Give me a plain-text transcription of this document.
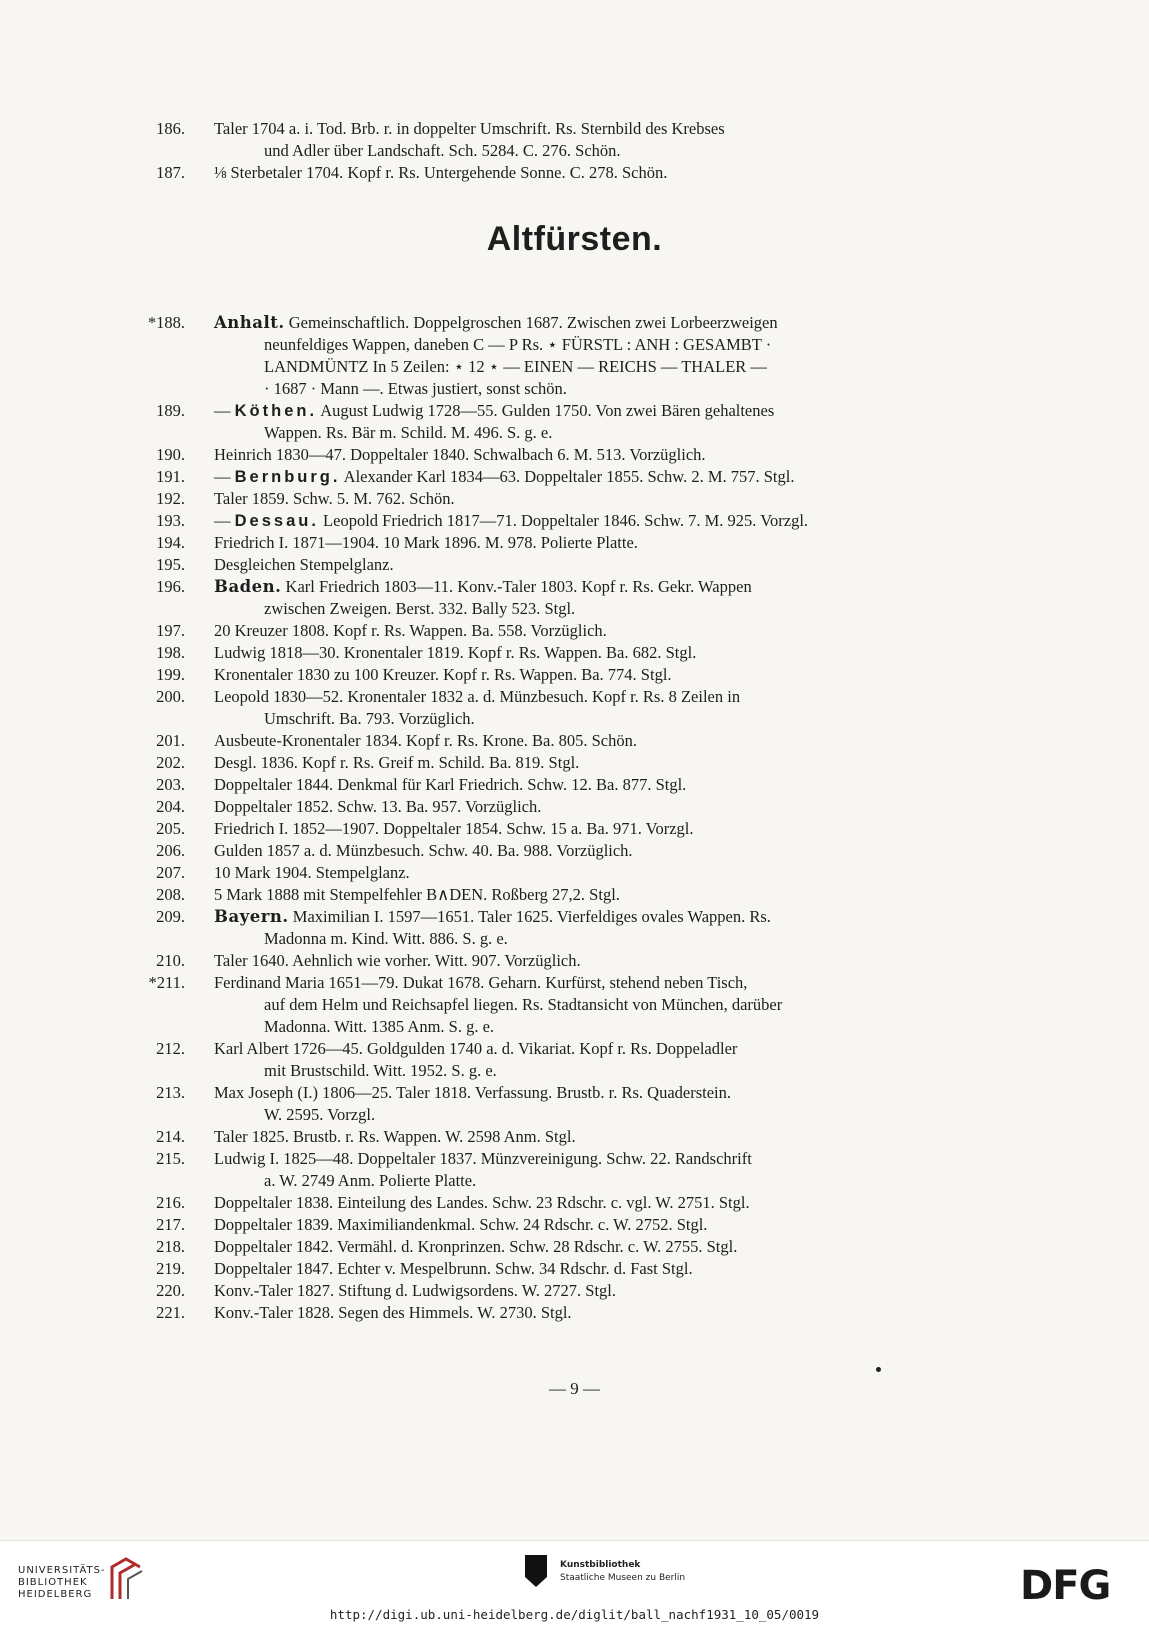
Altfürsten.
186. Taler 1704 a. i. Tod. Brb. r. in doppelter Umschrift. Rs. Sternbild des Krebses
und Adler über Landschaft. Sch. 5284. C. 276. Schön.
187. ⅛ Sterbetaler 1704. Kopf r. Rs. Untergehende Sonne. C. 278. Schön.
*188. Anhalt. Gemeinschaftlich. Doppelgroschen 1687. Zwischen zwei Lorbeerzweigen
neunfeldiges Wappen, daneben C — P Rs. ⋆ FÜRSTL : ANH : GESAMBT ·
LANDMÜNTZ In 5 Zeilen: ⋆ 12 ⋆ — EINEN — REICHS — THALER —
· 1687 · Mann —. Etwas justiert, sonst schön.
189. — Köthen. August Ludwig 1728—55. Gulden 1750. Von zwei Bären gehaltenes
Wappen. Rs. Bär m. Schild. M. 496. S. g. e.
190. Heinrich 1830—47. Doppeltaler 1840. Schwalbach 6. M. 513. Vorzüglich.
191. — Bernburg. Alexander Karl 1834—63. Doppeltaler 1855. Schw. 2. M. 757. Stgl.
192. Taler 1859. Schw. 5. M. 762. Schön.
193. — Dessau. Leopold Friedrich 1817—71. Doppeltaler 1846. Schw. 7. M. 925. Vorzgl.
194. Friedrich I. 1871—1904. 10 Mark 1896. M. 978. Polierte Platte.
195. Desgleichen Stempelglanz.
196. Baden. Karl Friedrich 1803—11. Konv.-Taler 1803. Kopf r. Rs. Gekr. Wappen
zwischen Zweigen. Berst. 332. Bally 523. Stgl.
197. 20 Kreuzer 1808. Kopf r. Rs. Wappen. Ba. 558. Vorzüglich.
198. Ludwig 1818—30. Kronentaler 1819. Kopf r. Rs. Wappen. Ba. 682. Stgl.
199. Kronentaler 1830 zu 100 Kreuzer. Kopf r. Rs. Wappen. Ba. 774. Stgl.
200. Leopold 1830—52. Kronentaler 1832 a. d. Münzbesuch. Kopf r. Rs. 8 Zeilen in
Umschrift. Ba. 793. Vorzüglich.
201. Ausbeute-Kronentaler 1834. Kopf r. Rs. Krone. Ba. 805. Schön.
202. Desgl. 1836. Kopf r. Rs. Greif m. Schild. Ba. 819. Stgl.
203. Doppeltaler 1844. Denkmal für Karl Friedrich. Schw. 12. Ba. 877. Stgl.
204. Doppeltaler 1852. Schw. 13. Ba. 957. Vorzüglich.
205. Friedrich I. 1852—1907. Doppeltaler 1854. Schw. 15 a. Ba. 971. Vorzgl.
206. Gulden 1857 a. d. Münzbesuch. Schw. 40. Ba. 988. Vorzüglich.
207. 10 Mark 1904. Stempelglanz.
208. 5 Mark 1888 mit Stempelfehler B∧DEN. Roßberg 27,2. Stgl.
209. Bayern. Maximilian I. 1597—1651. Taler 1625. Vierfeldiges ovales Wappen. Rs.
Madonna m. Kind. Witt. 886. S. g. e.
210. Taler 1640. Aehnlich wie vorher. Witt. 907. Vorzüglich.
*211. Ferdinand Maria 1651—79. Dukat 1678. Geharn. Kurfürst, stehend neben Tisch,
auf dem Helm und Reichsapfel liegen. Rs. Stadtansicht von München, darüber
Madonna. Witt. 1385 Anm. S. g. e.
212. Karl Albert 1726—45. Goldgulden 1740 a. d. Vikariat. Kopf r. Rs. Doppeladler
mit Brustschild. Witt. 1952. S. g. e.
213. Max Joseph (I.) 1806—25. Taler 1818. Verfassung. Brustb. r. Rs. Quaderstein.
W. 2595. Vorzgl.
214. Taler 1825. Brustb. r. Rs. Wappen. W. 2598 Anm. Stgl.
215. Ludwig I. 1825—48. Doppeltaler 1837. Münzvereinigung. Schw. 22. Randschrift
a. W. 2749 Anm. Polierte Platte.
216. Doppeltaler 1838. Einteilung des Landes. Schw. 23 Rdschr. c. vgl. W. 2751. Stgl.
217. Doppeltaler 1839. Maximiliandenkmal. Schw. 24 Rdschr. c. W. 2752. Stgl.
218. Doppeltaler 1842. Vermähl. d. Kronprinzen. Schw. 28 Rdschr. c. W. 2755. Stgl.
219. Doppeltaler 1847. Echter v. Mespelbrunn. Schw. 34 Rdschr. d. Fast Stgl.
220. Konv.-Taler 1827. Stiftung d. Ludwigsordens. W. 2727. Stgl.
221. Konv.-Taler 1828. Segen des Himmels. W. 2730. Stgl.
— 9 —
UNIVERSITÄTS-
BIBLIOTHEK
HEIDELBERG
Kunstbibliothek
Staatliche Museen zu Berlin	DFG
http://digi.ub.uni-heidelberg.de/diglit/ball_nachf1931_10_05/0019
